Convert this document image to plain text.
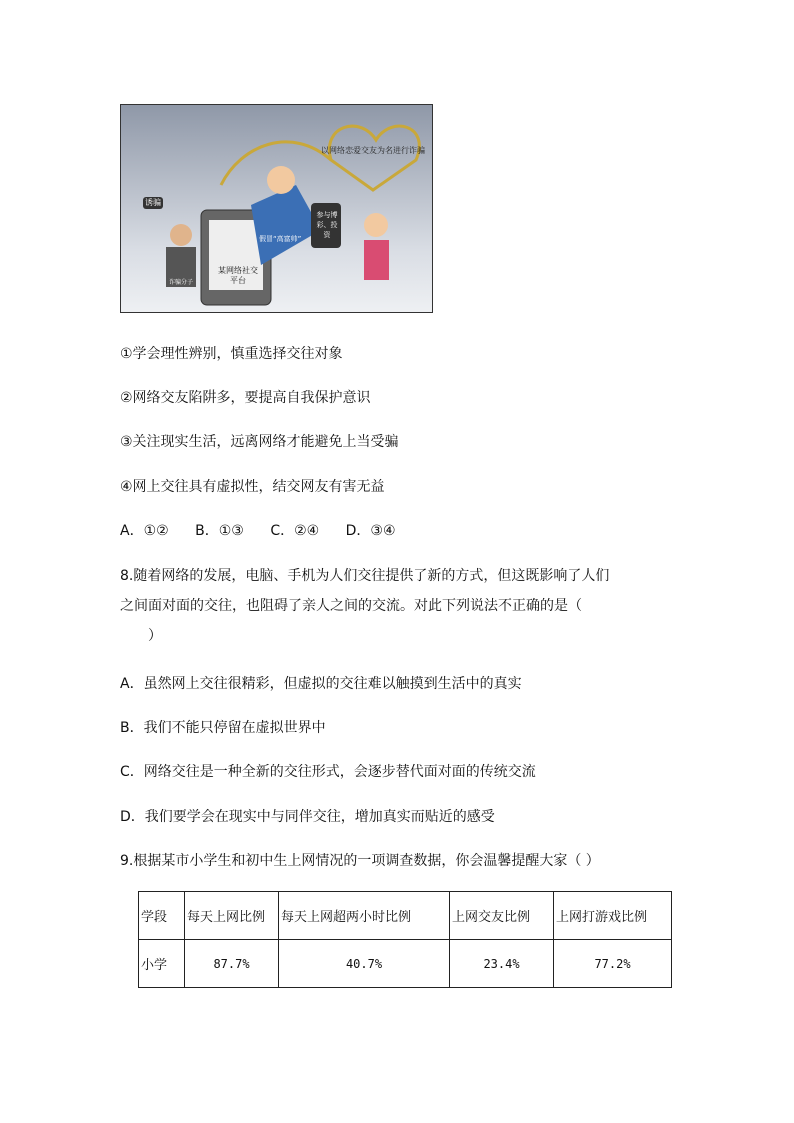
以网络恋爱交友为名进行诈骗
诱骗
某网络社交平台
诈骗分子
参与博彩、投资
假冒“高富帅”
①学会理性辨别，慎重选择交往对象
②网络交友陷阱多，要提高自我保护意识
③关注现实生活，远离网络才能避免上当受骗
④网上交往具有虚拟性，结交网友有害无益
A．①② B．①③ C．②④ D．③④
8.随着网络的发展，电脑、手机为人们交往提供了新的方式，但这既影响了人们
之间面对面的交往，也阻碍了亲人之间的交流。对此下列说法不正确的是（
　　）
A．虽然网上交往很精彩，但虚拟的交往难以触摸到生活中的真实
B．我们不能只停留在虚拟世界中
C．网络交往是一种全新的交往形式，会逐步替代面对面的传统交流
D．我们要学会在现实中与同伴交往，增加真实而贴近的感受
9.根据某市小学生和初中生上网情况的一项调查数据，你会温馨提醒大家（ ）
学段	每天上网比例	每天上网超两小时比例	上网交友比例	上网打游戏比例
小学	87.7%	40.7%	23.4%	77.2%
